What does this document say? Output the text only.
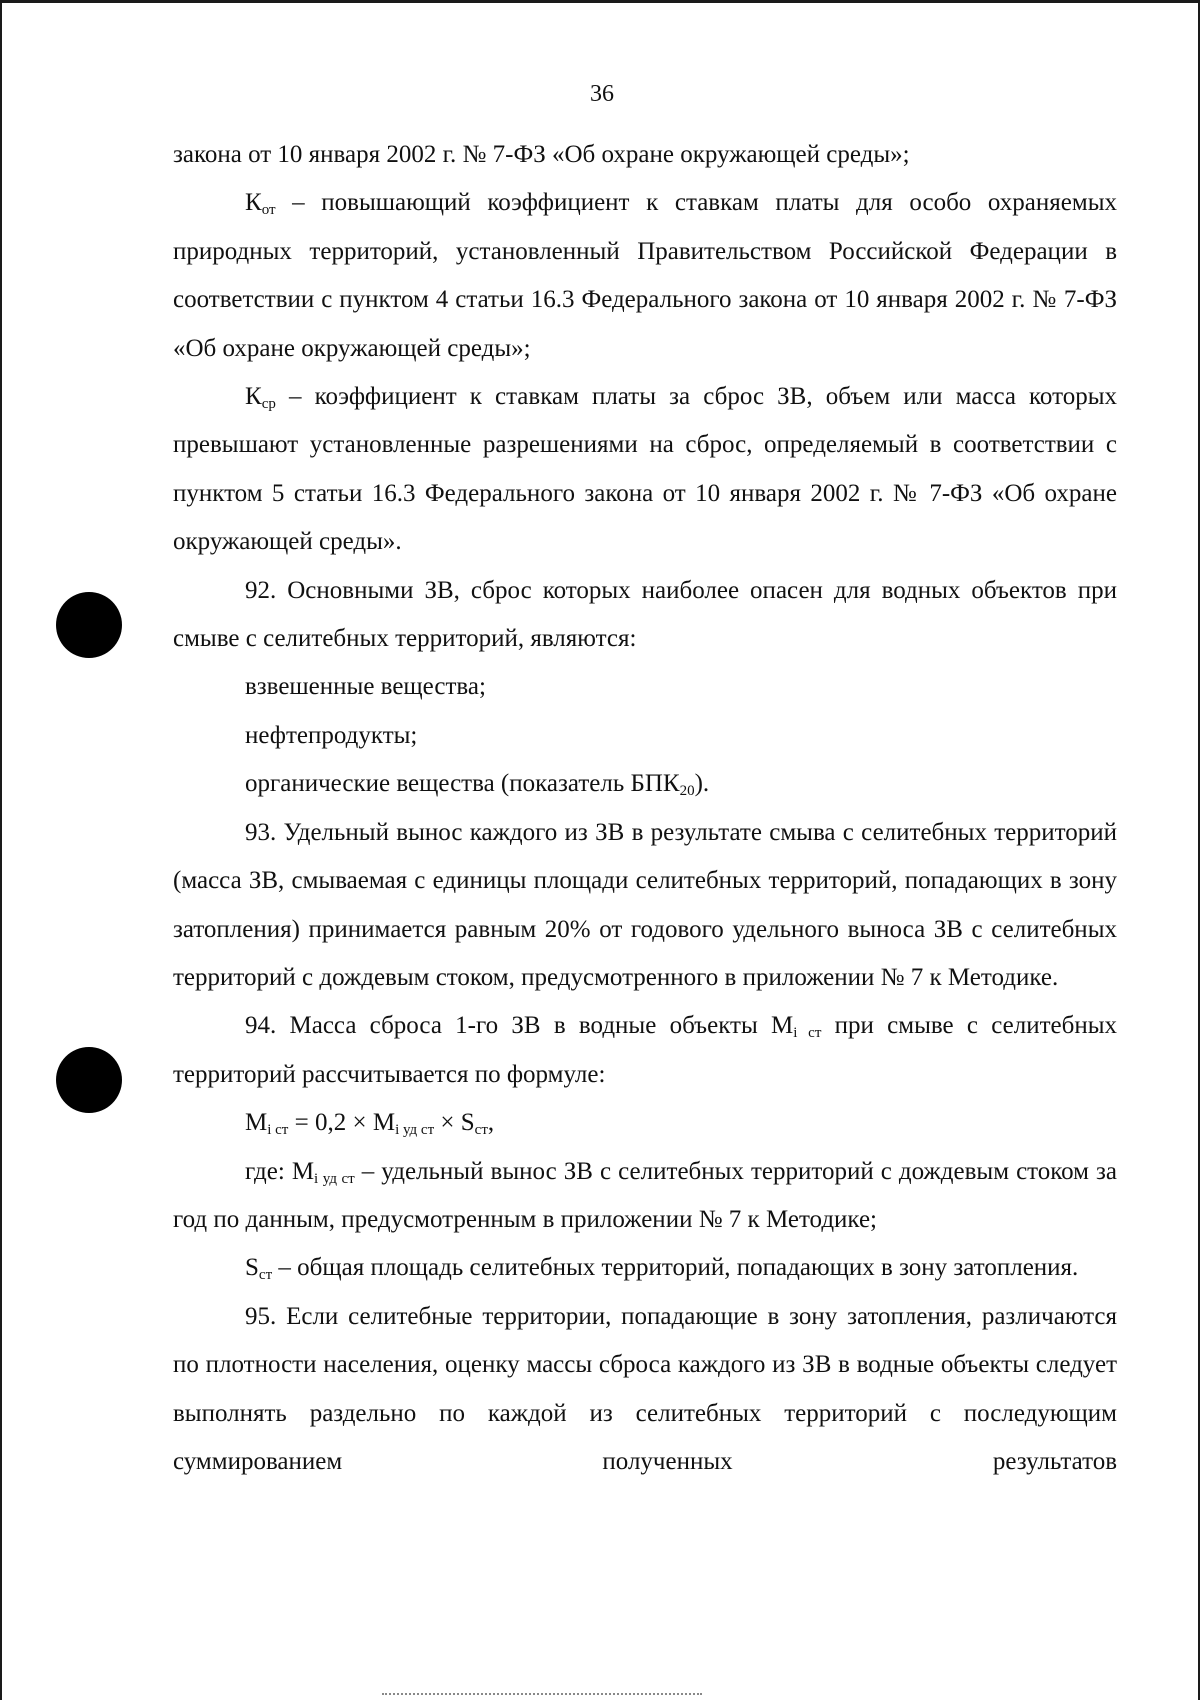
36

закона от 10 января 2002 г. № 7-ФЗ «Об охране окружающей среды»;

$К_{от}$ – повышающий коэффициент к ставкам платы для особо охраняемых природных территорий, установленный Правительством Российской Федерации в соответствии с пунктом 4 статьи 16.3 Федерального закона от 10 января 2002 г. № 7-ФЗ «Об охране окружающей среды»;

$К_{ср}$ – коэффициент к ставкам платы за сброс ЗВ, объем или масса которых превышают установленные разрешениями на сброс, определяемый в соответствии с пунктом 5 статьи 16.3 Федерального закона от 10 января 2002 г. № 7-ФЗ «Об охране окружающей среды».

92. Основными ЗВ, сброс которых наиболее опасен для водных объектов при смыве с селитебных территорий, являются:

взвешенные вещества;

нефтепродукты;

органические вещества (показатель $БПК_{20}$).

93. Удельный вынос каждого из ЗВ в результате смыва с селитебных территорий (масса ЗВ, смываемая с единицы площади селитебных территорий, попадающих в зону затопления) принимается равным 20% от годового удельного выноса ЗВ с селитебных территорий с дождевым стоком, предусмотренного в приложении № 7 к Методике.

94. Масса сброса 1-го ЗВ в водные объекты $M_{i ст}$ при смыве с селитебных территорий рассчитывается по формуле:

$M_{i ст} = 0,2 \times M_{i уд ст} \times S_{ст}$,

где: $M_{i уд ст}$ – удельный вынос ЗВ с селитебных территорий с дождевым стоком за год по данным, предусмотренным в приложении № 7 к Методике;

$S_{ст}$ – общая площадь селитебных территорий, попадающих в зону затопления.

95. Если селитебные территории, попадающие в зону затопления, различаются по плотности населения, оценку массы сброса каждого из ЗВ в водные объекты следует выполнять раздельно по каждой из селитебных территорий с последующим суммированием полученных результатов
